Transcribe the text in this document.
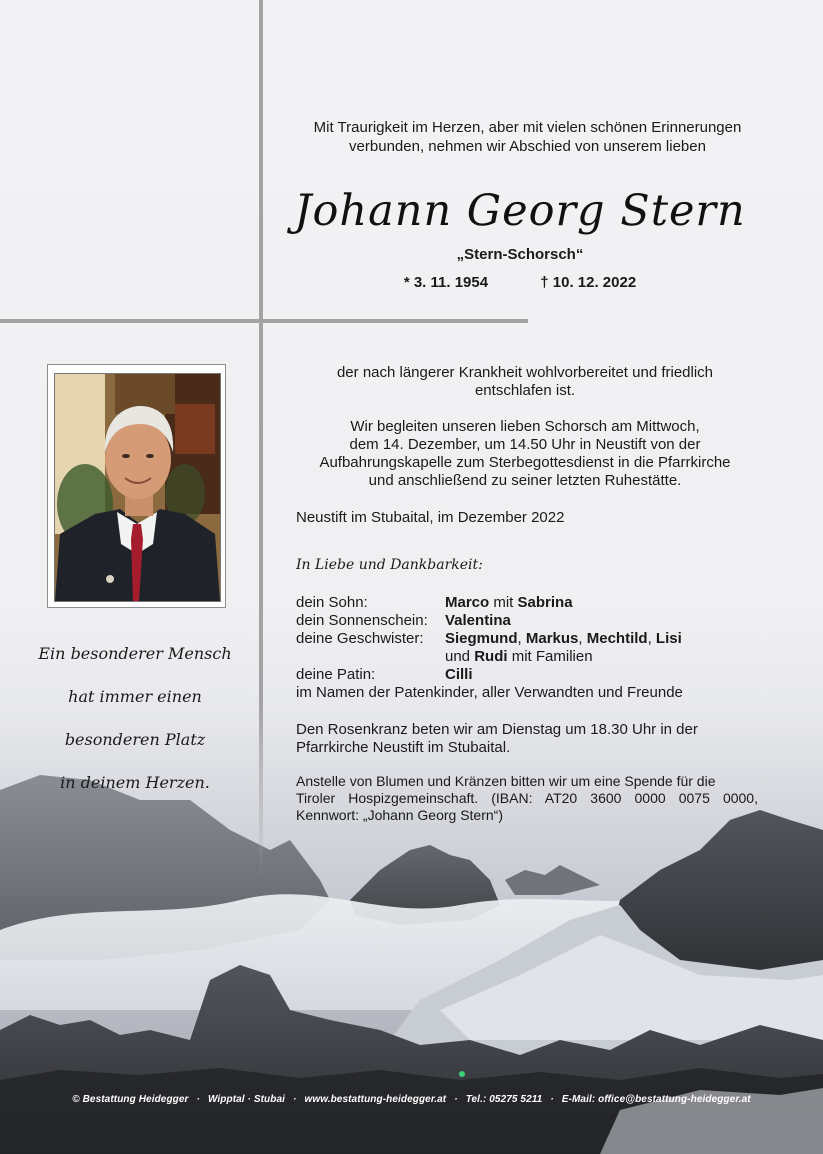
Mit Traurigkeit im Herzen, aber mit vielen schönen Erinnerungen
verbunden, nehmen wir Abschied von unserem lieben
Johann Georg Stern
„Stern-Schorsch“
* 3. 11. 1954	† 10. 12. 2022
Ein besonderer Mensch
hat immer einen
besonderen Platz
in deinem Herzen.
der nach längerer Krankheit wohlvorbereitet und friedlich
entschlafen ist.
Wir begleiten unseren lieben Schorsch am Mittwoch,
dem 14. Dezember, um 14.50 Uhr in Neustift von der
Aufbahrungskapelle zum Sterbegottesdienst in die Pfarrkirche
und anschließend zu seiner letzten Ruhestätte.
Neustift im Stubaital, im Dezember 2022
In Liebe und Dankbarkeit:
dein Sohn:	Marco mit Sabrina
dein Sonnenschein:	Valentina
deine Geschwister:	Siegmund, Markus, Mechtild, Lisi
und Rudi mit Familien
deine Patin:	Cilli
im Namen der Patenkinder, aller Verwandten und Freunde
Den Rosenkranz beten wir am Dienstag um 18.30 Uhr in der
Pfarrkirche Neustift im Stubaital.
Anstelle von Blumen und Kränzen bitten wir um eine Spende für die
Tiroler Hospizgemeinschaft. (IBAN: AT20 3600 0000 0075 0000,
Kennwort: „Johann Georg Stern“)
© Bestattung Heidegger · Wipptal · Stubai · www.bestattung-heidegger.at · Tel.: 05275 5211 · E-Mail: office@bestattung-heidegger.at
